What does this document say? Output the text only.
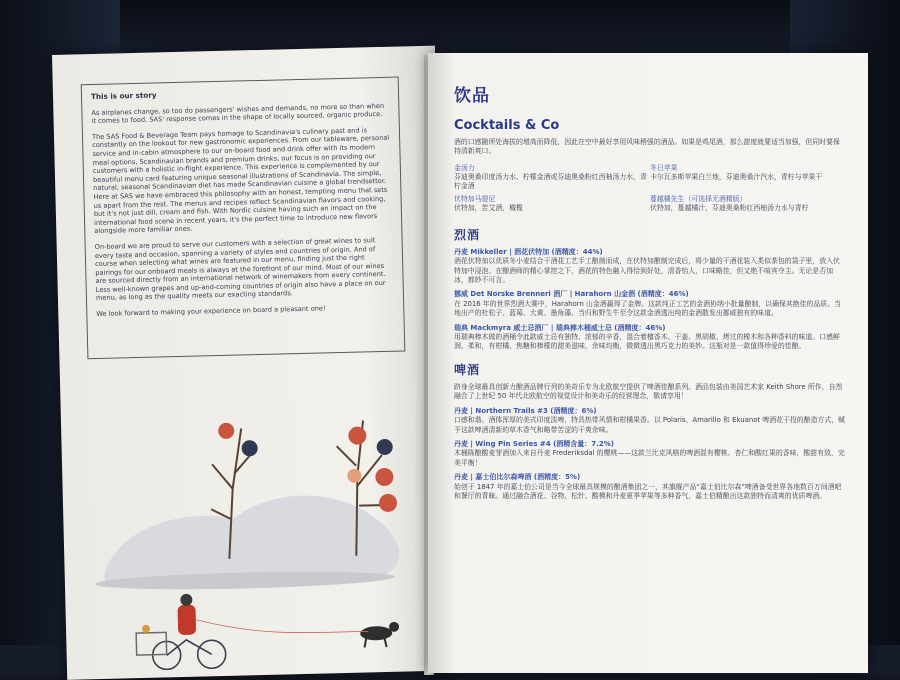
This is our story

As airplanes change, so too do passengers' wishes and demands, no more so than when it comes to food. SAS' response comes in the shape of locally sourced, organic produce.

The SAS Food & Beverage Team pays homage to Scandinavia's culinary past and is constantly on the lookout for new gastronomic experiences. From our tableware, personal service and in-cabin atmosphere to our on-board food and drink offer with its modern meal options, Scandinavian brands and premium drinks, our focus is on providing our customers with a holistic in-flight experience. This experience is complemented by our beautiful menu card featuring unique seasonal illustrations of Scandinavia. The simple, natural, seasonal Scandinavian diet has made Scandinavian cuisine a global trendsetter. Here at SAS we have embraced this philosophy with an honest, tempting menu that sets us apart from the rest. The menus and recipes reflect Scandinavian flavors and cooking, but it's not just dill, cream and fish. With Nordic cuisine having such an impact on the international food scene in recent years, it's the perfect time to introduce new flavors alongside more familiar ones.

On-board we are proud to serve our customers with a selection of great wines to suit every taste and occasion, spanning a variety of styles and countries of origin. And of course when selecting what wines are featured in our menu, finding just the right pairings for our onboard meals is always at the forefront of our mind. Most of our wines are sourced directly from an international network of winemakers from every continent. Less well-known grapes and up-and-coming countries of origin also have a place on our menu, as long as the quality meets our exacting standards.

We look forward to making your experience on board a pleasant one!

饮品
Cocktails & Co

酒的口感随所处海拔的增高而降低，因此在空中最好享用风味稍强的酒品。如果是鸡尾酒，那么甜度就要适当加强，但同时要保持清新爽口。

金汤力
芬迪奥桑印度汤力水、柠檬金酒或芬迪奥桑粉红西柚汤力水，青柠金酒
冬日苹果
卡尔瓦多斯苹果白兰地，芬迪奥桑汁汽水，青柠与苹果干
伏特加马提尼
伏特加，苦艾酒，橄榄
蔓越橘先生（可选择无酒精版）
伏特加，蔓越橘汁，芬迪奥桑粉红西柚汤力水与青柠
烈酒
丹麦 Mikkeller | 酒花伏特加 (酒精度：44%)
酒花伏特加以优质冬小麦结合干酒花工艺手工酿制而成，在伏特加酿制完成后，将少量的干酒花装入类似茶包的袋子里，放入伏特加中浸泡。在酿酒师的精心掌控之下，酒花的特色融入得恰到好处，清香怡人，口味略佳，但又绝不喧宾夺主。无论是否加冰，都妙不可言。
挪威 Det Norske Brenneri 酒厂 | Harahorn 山金酒 (酒精度：46%)
在 2016 年的世界烈酒大赛中，Harahorn 山金酒赢得了金牌。这款纯正工艺的金酒协纳小批量酿制，以确保其绝佳的品质。当地出产的杜松子、蓝莓、大黄、墨角藻、当归和野生牛至令这款金酒透出纯的金酒散发出挪威独有的味道。
瑞典 Mackmyra 威士忌酒厂 | 瑞典棒木桶威士忌 (酒精度：46%)
用瑞典棒木做的酒桶令此款威士忌有独特、浓郁的辛香，混合着檀香木、干姜、黑胡椒、烤过的橡木和各种香料的味道。口感鲜润、柔和，有柑橘、焦糖和棒檬的甜美滋味，余味均衡，微微透出黑巧克力的美妙。这瓶对是一款值得珍爱的佳酿。
啤酒

跻身全球最具创新力酿酒品牌行列的美奇乐专为北欧航空提供了啤酒佳酿系列。酒品包装由美国艺术家 Keith Shore 所作，自然融合了上世纪 50 年代北欧航空的视觉设计和美奇乐的经营理念，敬请享用！

丹麦 | Northern Trails #3 (酒精度：6%)
口感和谐、酒体浑厚的美式印度淡啤，特具热带风情和柑橘果香。以 Polaris、Amarillo 和 Ekuanot 啤酒花干投的酿造方式，赋予这款啤酒清新的草木香气和略带苦涩的干爽余味。
丹麦 | Wing Pin Series #4 (酒精含量：7.2%)
木桶陈酿酸麦芽酒加入来自丹麦 Frederiksdal 的樱桃——这款兰比克风格的啤酒混有樱桃、杏仁和酸红果的香味，酸甜有致，完美平衡！
丹麦 | 嘉士伯比尔森啤酒 (酒精度：5%)
始创于 1847 年的嘉士伯公司是当今全球最具规模的酿酒集团之一，其旗舰产品“嘉士伯比尔森”啤酒备受世界各地数百万间酒吧和餐厅的青睐。通过融合酒花、谷物、松针、酸模和丹麦夏季苹果等多种香气，嘉士伯精酿出这款独特而清爽的优质啤酒。
